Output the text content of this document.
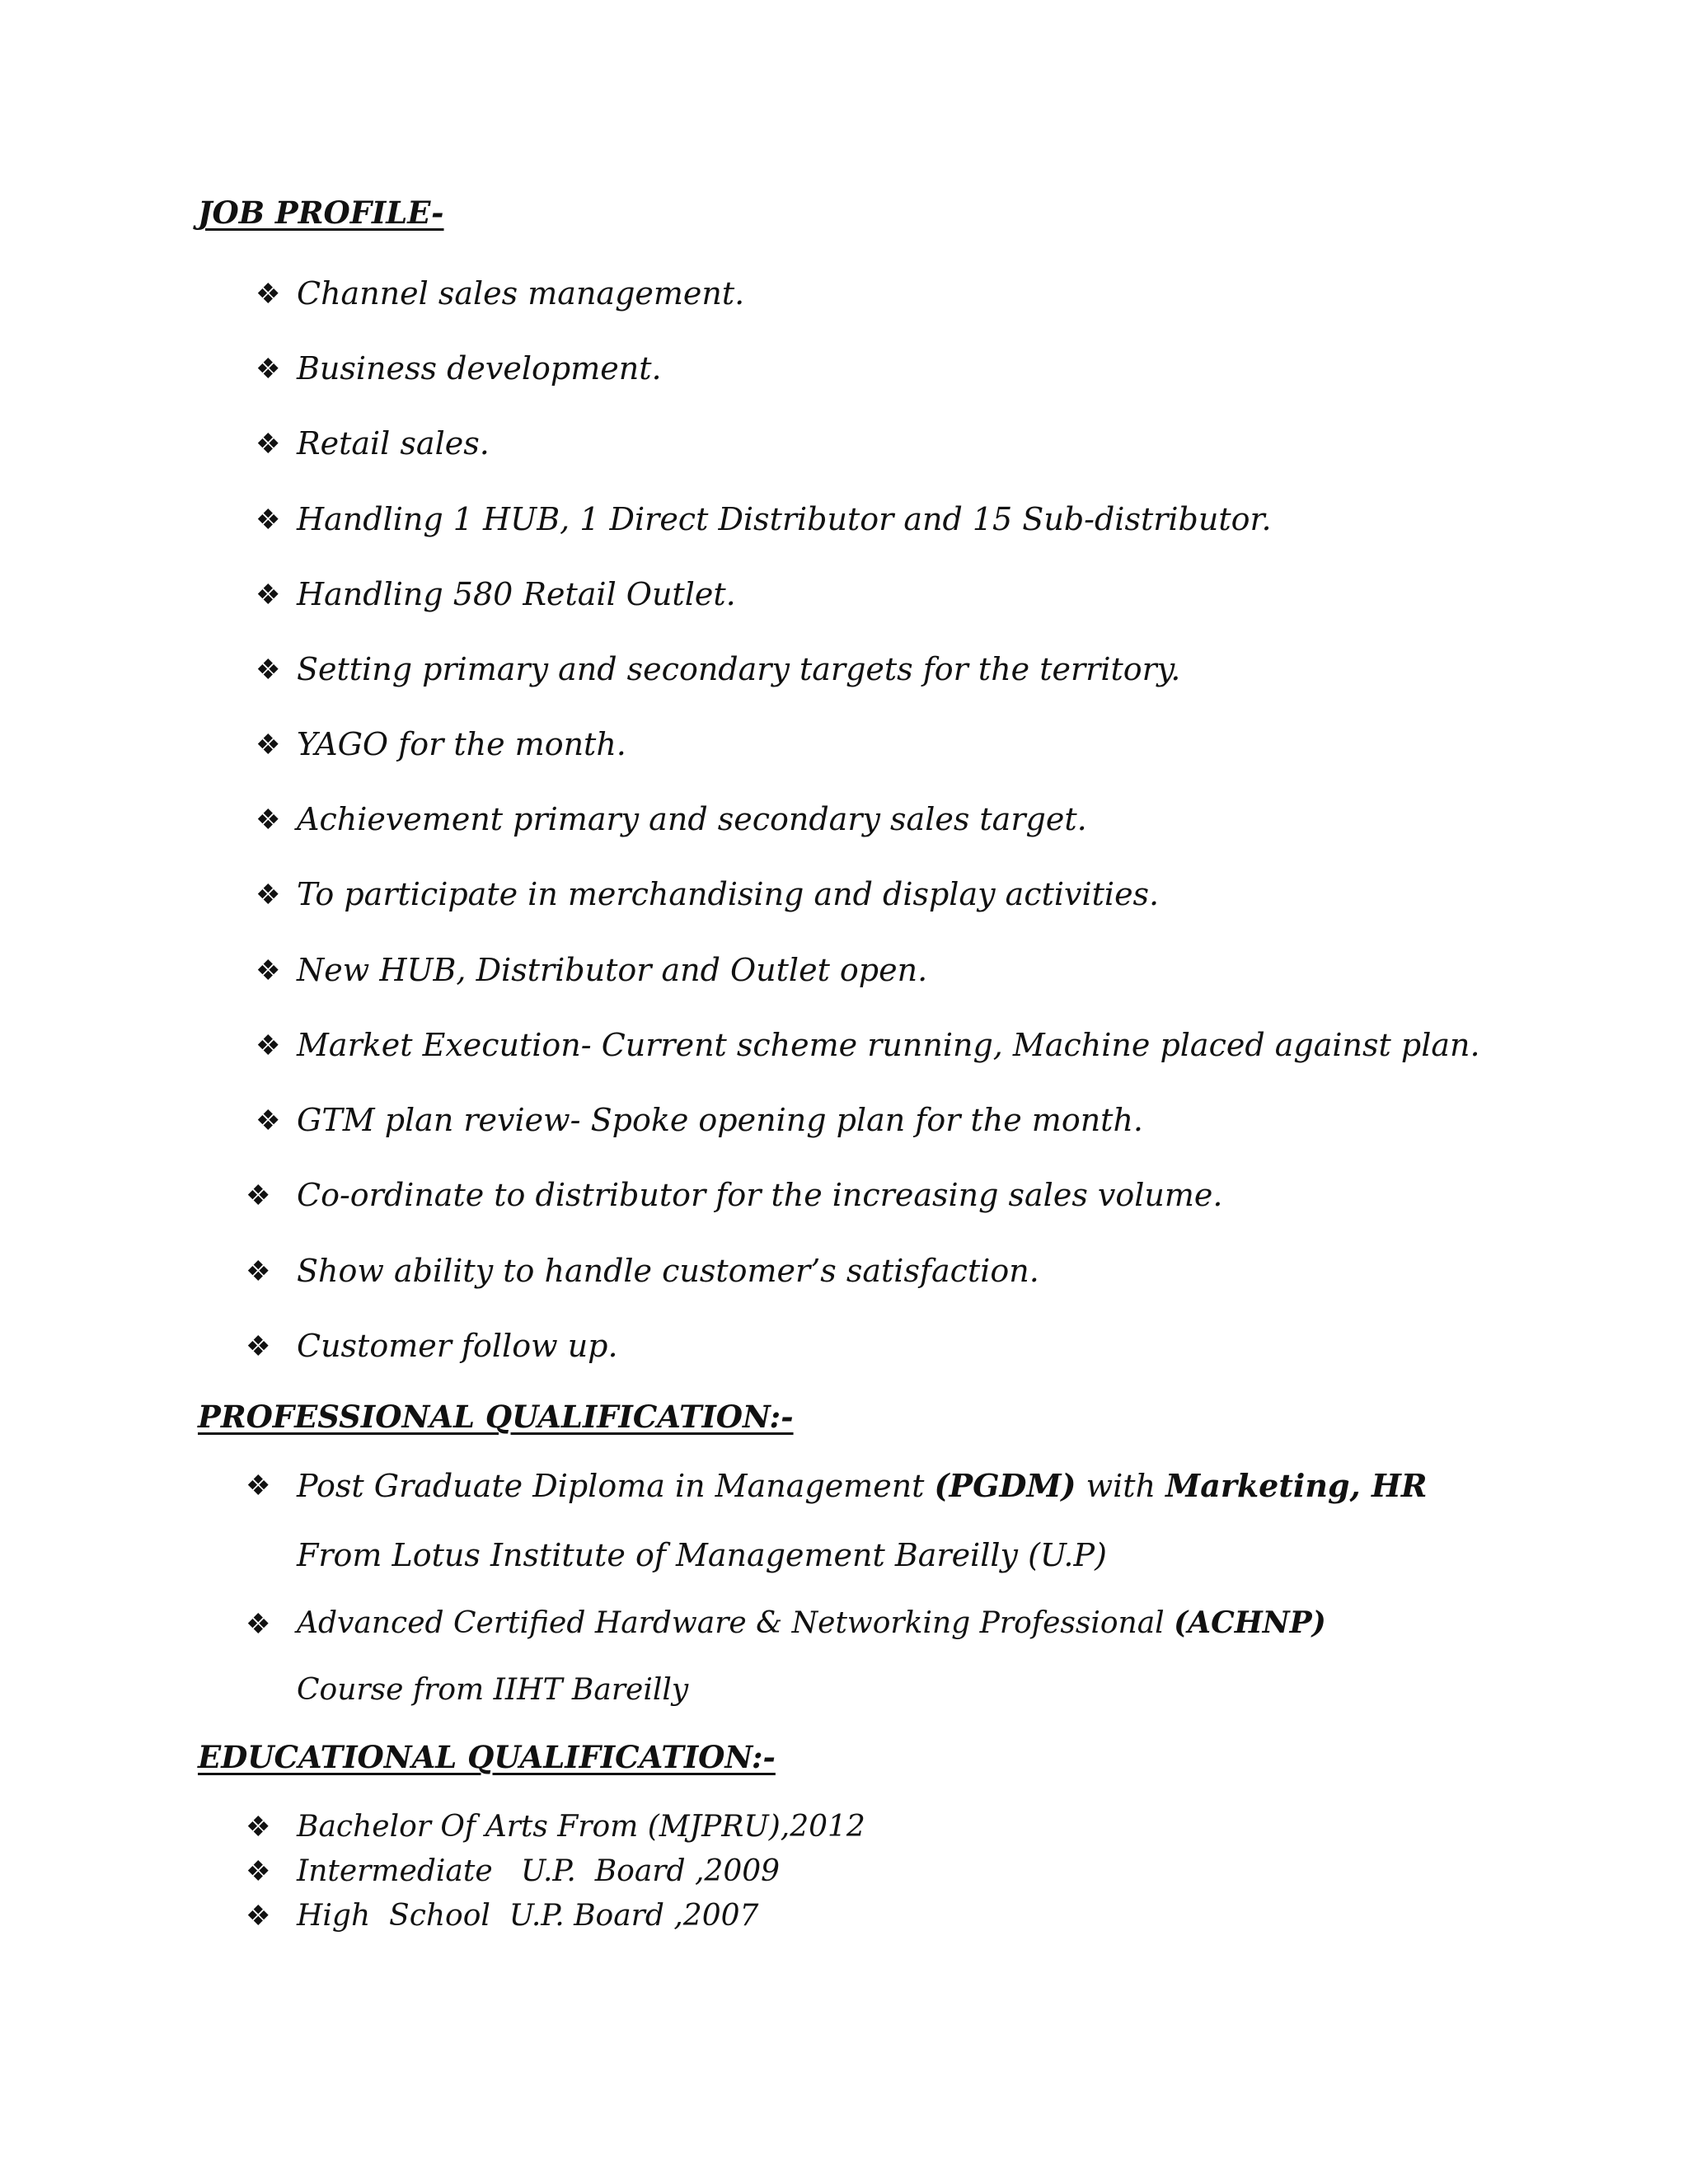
JOB PROFILE-
❖ Channel sales management.
❖ Business development.
❖ Retail sales.
❖ Handling 1 HUB, 1 Direct Distributor and 15 Sub-distributor.
❖ Handling 580 Retail Outlet.
❖ Setting primary and secondary targets for the territory.
❖ YAGO for the month.
❖ Achievement primary and secondary sales target.
❖ To participate in merchandising and display activities.
❖ New HUB, Distributor and Outlet open.
❖ Market Execution- Current scheme running, Machine placed against plan.
❖ GTM plan review- Spoke opening plan for the month.
❖ Co-ordinate to distributor for the increasing sales volume.
❖ Show ability to handle customer’s satisfaction.
❖ Customer follow up.
PROFESSIONAL QUALIFICATION:-
❖ Post Graduate Diploma in Management (PGDM) with Marketing, HR
From Lotus Institute of Management Bareilly (U.P)
❖ Advanced Certified Hardware & Networking Professional (ACHNP)
Course from IIHT Bareilly
EDUCATIONAL QUALIFICATION:-
❖ Bachelor Of Arts From (MJPRU),2012
❖ Intermediate   U.P.  Board ,2009
❖ High  School  U.P. Board ,2007
